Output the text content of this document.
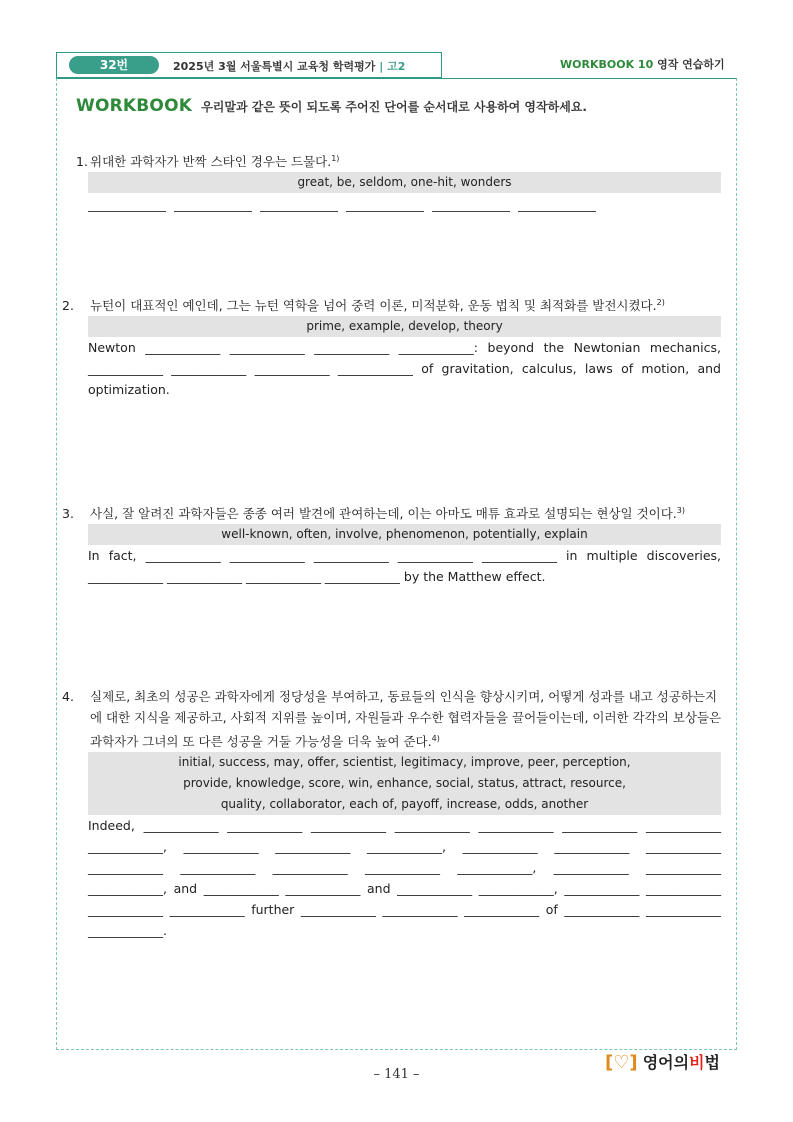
32번	2025년 3월 서울특별시 교육청 학력평가 | 고2	WORKBOOK 10 영작 연습하기
WORKBOOK 우리말과 같은 뜻이 되도록 주어진 단어를 순서대로 사용하여 영작하세요.
1. 위대한 과학자가 반짝 스타인 경우는 드물다.$^{1)}$
great, be, seldom, one-hit, wonders
2. 뉴턴이 대표적인 예인데, 그는 뉴턴 역학을 넘어 중력 이론, 미적분학, 운동 법칙 및 최적화를 발전시켰다.$^{2)}$
prime, example, develop, theory
Newton ____________ ____________ ____________ ____________: beyond the Newtonian mechanics, ____________ ____________ ____________ ____________ of gravitation, calculus, laws of motion, and optimization.
3. 사실, 잘 알려진 과학자들은 종종 여러 발견에 관여하는데, 이는 아마도 매튜 효과로 설명되는 현상일 것이다.$^{3)}$
well-known, often, involve, phenomenon, potentially, explain
In fact, ____________ ____________ ____________ ____________ ____________ in multiple discoveries, ____________ ____________ ____________ ____________ by the Matthew effect.
4. 실제로, 최초의 성공은 과학자에게 정당성을 부여하고, 동료들의 인식을 향상시키며, 어떻게 성과를 내고 성공하는지에 대한 지식을 제공하고, 사회적 지위를 높이며, 자원들과 우수한 협력자들을 끌어들이는데, 이러한 각각의 보상들은 과학자가 그녀의 또 다른 성공을 거둘 가능성을 더욱 높여 준다.$^{4)}$
initial, success, may, offer, scientist, legitimacy, improve, peer, perception,
provide, knowledge, score, win, enhance, social, status, attract, resource,
quality, collaborator, each of, payoff, increase, odds, another
Indeed, ____________ ____________ ____________ ____________ ____________ ____________ ____________ ____________, ____________ ____________ ____________, ____________ ____________ ____________ ____________ ____________ ____________ ____________ ____________, ____________ ____________ ____________, and ____________ ____________ and ____________ ____________, ____________ ____________ ____________ ____________ further ____________ ____________ ____________ of ____________ ____________ ____________.
[♡] 영어의비법
– 141 –
